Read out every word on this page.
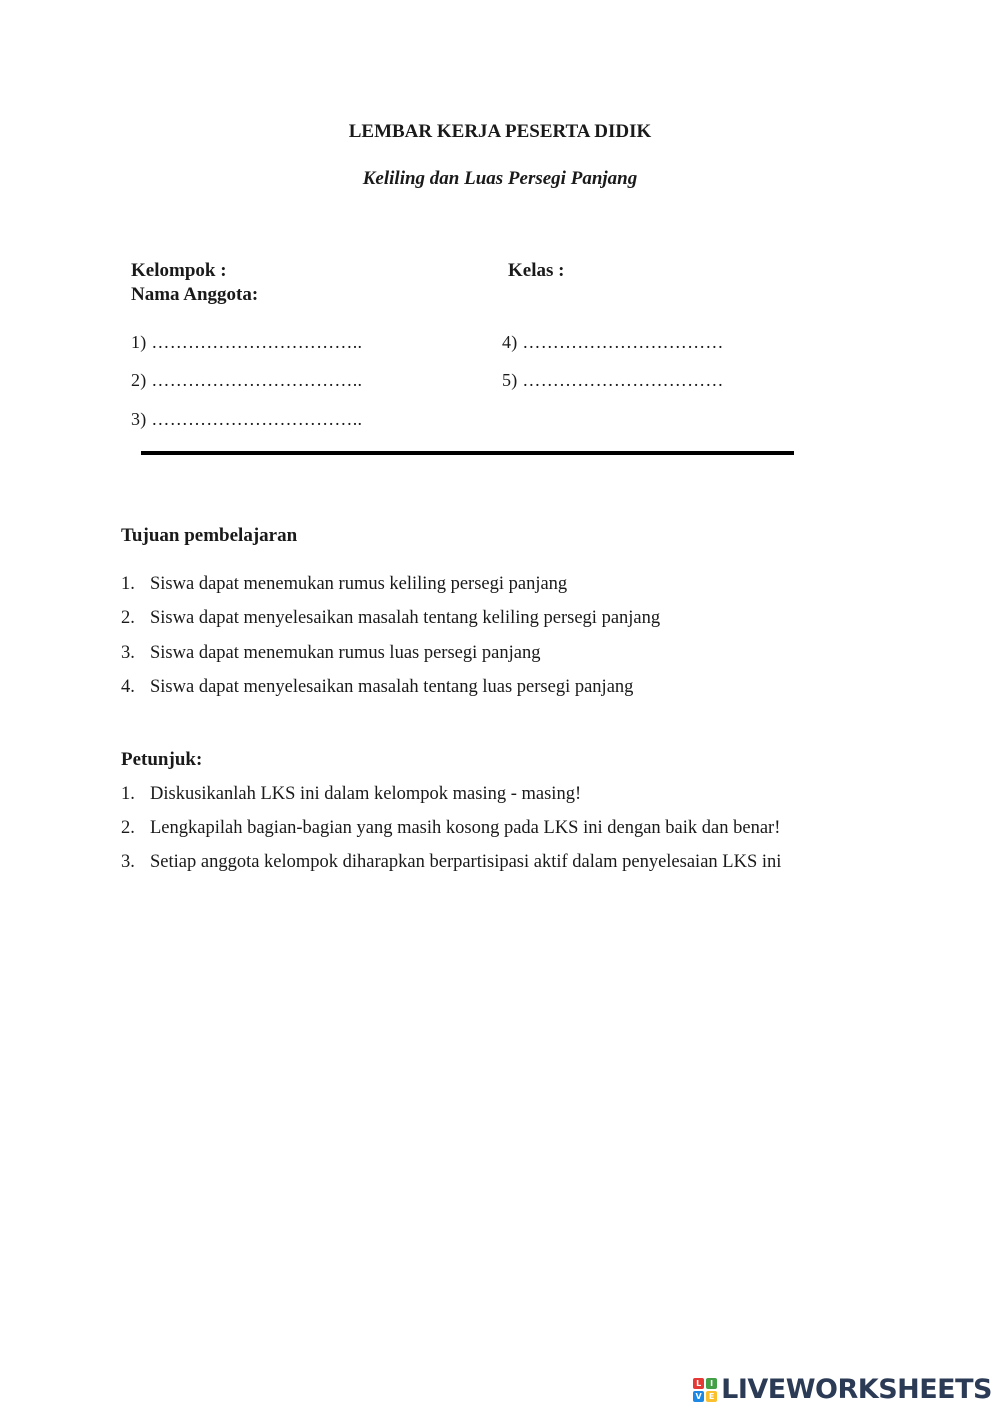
LEMBAR KERJA PESERTA DIDIK
Keliling dan Luas Persegi Panjang
Kelompok :	Kelas :
Nama Anggota:
1) ……………………………..
2) ……………………………..
3) ……………………………..
4) ……………………………
5) ……………………………
Tujuan pembelajaran
1. Siswa dapat menemukan rumus keliling persegi panjang
2. Siswa dapat menyelesaikan masalah tentang keliling persegi panjang
3. Siswa dapat menemukan rumus luas persegi panjang
4. Siswa dapat menyelesaikan masalah tentang luas persegi panjang
Petunjuk:
1. Diskusikanlah LKS ini dalam kelompok masing - masing!
2. Lengkapilah bagian-bagian yang masih kosong pada LKS ini dengan baik dan benar!
3. Setiap anggota kelompok diharapkan berpartisipasi aktif dalam penyelesaian LKS ini
L	I
V E LIVEWORKSHEETS
